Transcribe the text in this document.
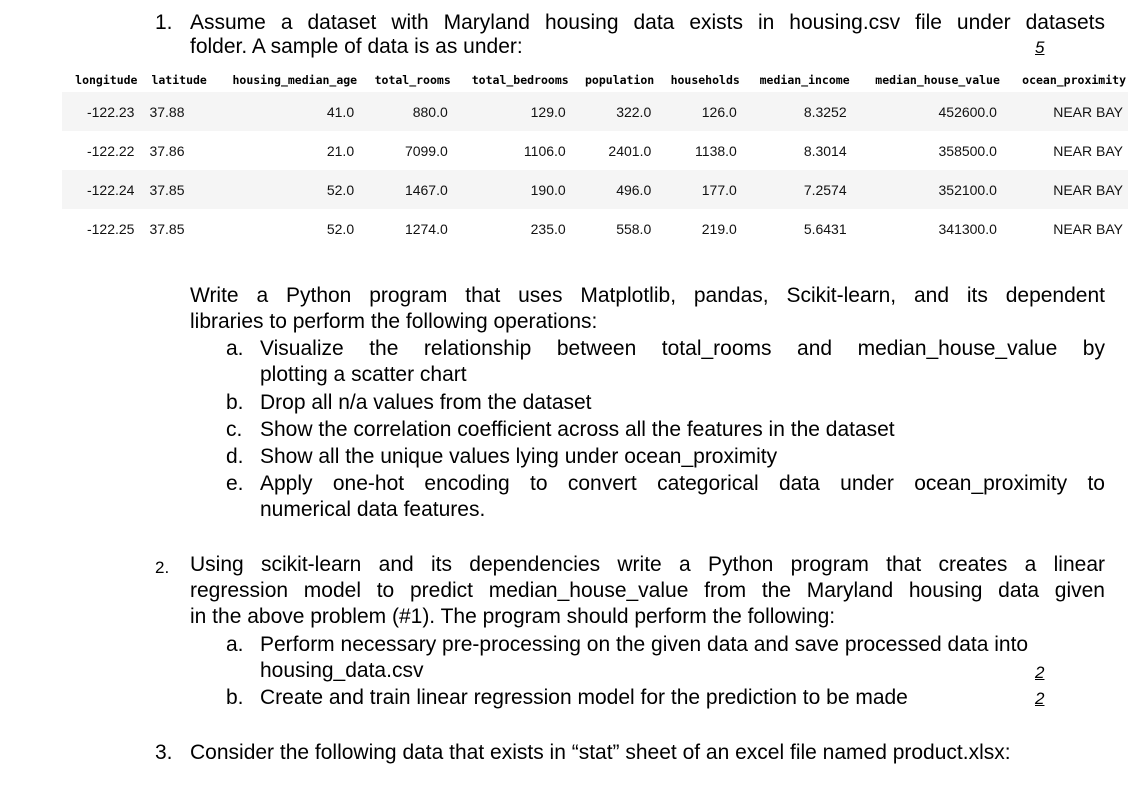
1. Assume a dataset with Maryland housing data exists in housing.csv file under datasets
folder. A sample of data is as under:	5
longitude	latitude	housing_median_age	total_rooms	total_bedrooms	population	households	median_income	median_house_value	ocean_proximity
-122.23	37.88	41.0	880.0	129.0	322.0	126.0	8.3252	452600.0	NEAR BAY
-122.22	37.86	21.0	7099.0	1106.0	2401.0	1138.0	8.3014	358500.0	NEAR BAY
-122.24	37.85	52.0	1467.0	190.0	496.0	177.0	7.2574	352100.0	NEAR BAY
-122.25	37.85	52.0	1274.0	235.0	558.0	219.0	5.6431	341300.0	NEAR BAY
Write a Python program that uses Matplotlib, pandas, Scikit-learn, and its dependent
libraries to perform the following operations:
a. Visualize the relationship between total_rooms and median_house_value by
plotting a scatter chart
b. Drop all n/a values from the dataset
c. Show the correlation coefficient across all the features in the dataset
d. Show all the unique values lying under ocean_proximity
e. Apply one-hot encoding to convert categorical data under ocean_proximity to
numerical data features.
2. Using scikit-learn and its dependencies write a Python program that creates a linear
regression model to predict median_house_value from the Maryland housing data given
in the above problem (#1). The program should perform the following:
a. Perform necessary pre-processing on the given data and save processed data into
housing_data.csv	2
b. Create and train linear regression model for the prediction to be made	2
3. Consider the following data that exists in “stat” sheet of an excel file named product.xlsx:
